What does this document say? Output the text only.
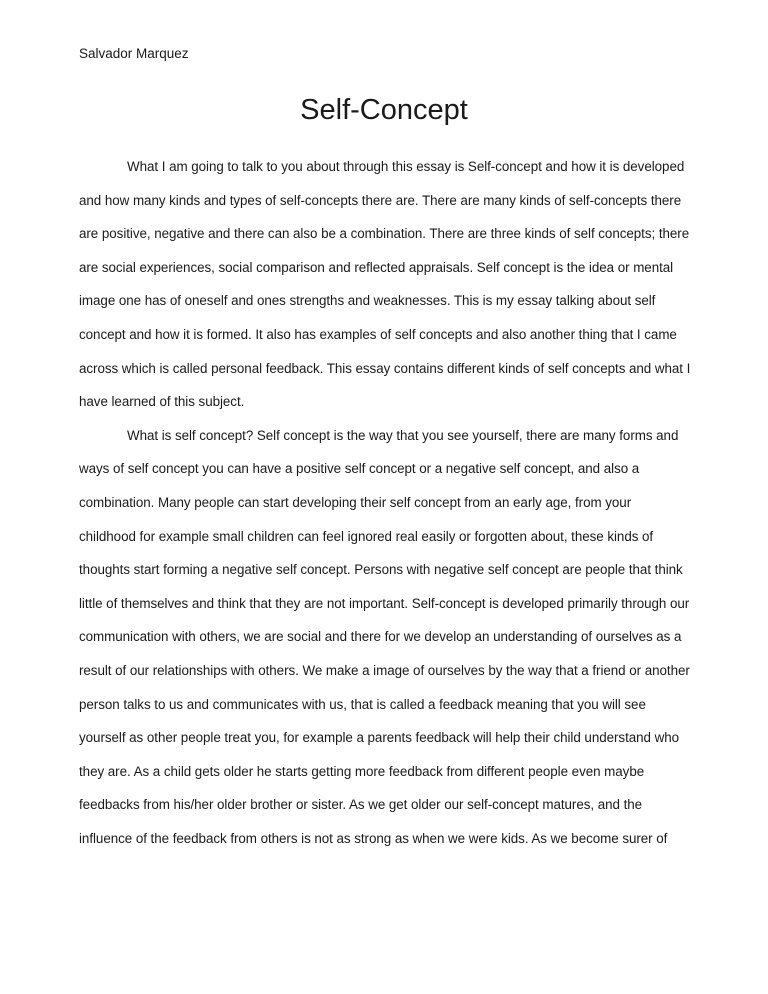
Salvador Marquez
Self-Concept

What I am going to talk to you about through this essay is Self-concept and how it is developed and how many kinds and types of self-concepts there are. There are many kinds of self-concepts there are positive, negative and there can also be a combination. There are three kinds of self concepts; there are social experiences, social comparison and reflected appraisals. Self concept is the idea or mental image one has of oneself and ones strengths and weaknesses. This is my essay talking about self concept and how it is formed. It also has examples of self concepts and also another thing that I came across which is called personal feedback. This essay contains different kinds of self concepts and what I have learned of this subject.

What is self concept? Self concept is the way that you see yourself, there are many forms and ways of self concept you can have a positive self concept or a negative self concept, and also a combination. Many people can start developing their self concept from an early age, from your childhood for example small children can feel ignored real easily or forgotten about, these kinds of thoughts start forming a negative self concept. Persons with negative self concept are people that think little of themselves and think that they are not important. Self-concept is developed primarily through our communication with others, we are social and there for we develop an understanding of ourselves as a result of our relationships with others. We make a image of ourselves by the way that a friend or another person talks to us and communicates with us, that is called a feedback meaning that you will see yourself as other people treat you, for example a parents feedback will help their child understand who they are. As a child gets older he starts getting more feedback from different people even maybe feedbacks from his/her older brother or sister. As we get older our self-concept matures, and the influence of the feedback from others is not as strong as when we were kids. As we become surer of
